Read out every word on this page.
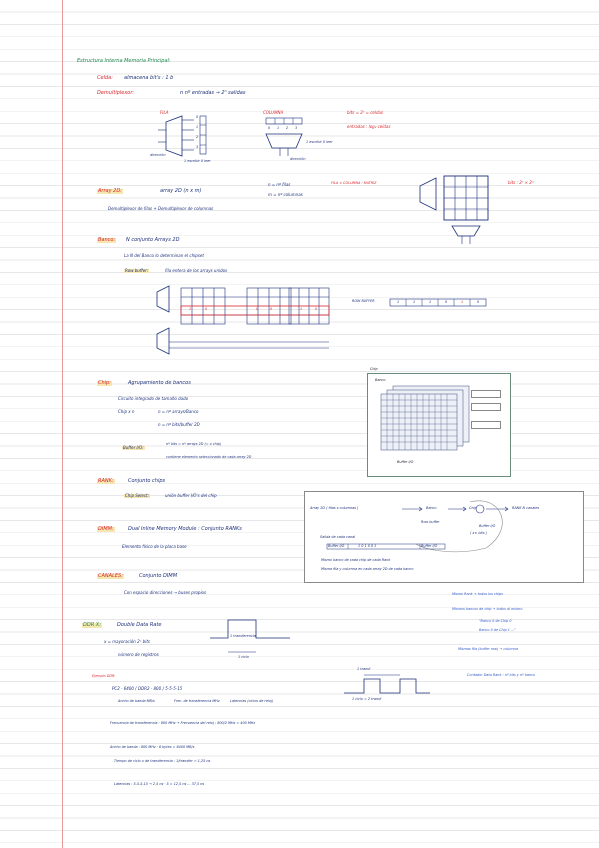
Estructura Interna Memoria Principal:
Celda: almacena bit's : 1 b
Demultiplexor:	n nº entradas → 2ⁿ salidas
FILA	COLUMNA	bits = 2ⁿ = celdas
entradas : log₂ celdas
0
1
2
3
dirección
1 escribir 0 leer
0 1 2 3
1 escribir 0 leer
dirección
Array 2D:	array 2D (n x m)
n = nº filas
m = nº columnas
Demultiplexor de filas + Demultiplexor de columnas
FILA × COLUMNA : MATRIZ	bits : 2ⁿ × 2ᵐ
Banco: N conjunto Arrays 2D
La N del Banco lo determinan el chipset
Row buffer:	fila entera de los arrays unidos
1	0	0	0	1	0
ROW BUFFER	1	1	1	0	1	0
Chip:	Agrupamiento de bancos
Circuito integrado de tamaño dado
Chip x n	n = nº arrays/Banco
n = nº bits/buffer 2D
Buffer I/O:
nº bits = nº arrays 2D (= x chip)
contiene elemento seleccionado de cada array 2D
Chip
Banco
Buffer I/O
RANK:	Conjunto chips
Chip Select:	unión buffer I/O's del chip
DIMM:	Dual Inline Memory Module : Conjunto RANKs
Elemento físico de la placa base
CANALES:	Conjunto DIMM
Con espacio direcciones → buses propios
Array 2D ( filas x columnas )	Banco	Chip	RANK N canales
Row buffer
Buffer I/O
( x× bits )
Salida de cada canal
Buffer I/O	1 0 1 0 0 1	Buffer I/O
Mismo banco de cada chip de cada Rank
Misma fila y columna en cada array 2D de cada banco
Mismo Rank → todos los chips
Mismos bancos de chip → todos al mismo
"Banco 0 de Chip 0
Banco 0 de Chip 1 ..."
Mismas fila (buffer row) → columna
Contador Data Rank : nº bits y nº banco
DDR X:	Double Data Rate
x = mayoración 2ˣ bits
número de registros
1 transferencia
1 ciclo
Ejemplo DDR:
PC2 - 6400 ( DDR2 - 800 ) 5-5-5-15
Ancho de banda MB/s	Frec. de transferencia MHz	Latencias (ciclos de reloj)
1 transf
1 ciclo = 2 transf
Frecuencia de transferencia : 800 MHz → Frecuencia del reloj : 800/2 MHz = 400 MHz
Ancho de banda : 800 MHz · 8 bytes = 6400 MB/s
Tiempo de ciclo o de transferencia : 1/transfer = 1,25 ns
Latencias : 5-5-5-15 → 2,5 ns · 5 = 12,5 ns ... 37,5 ns
